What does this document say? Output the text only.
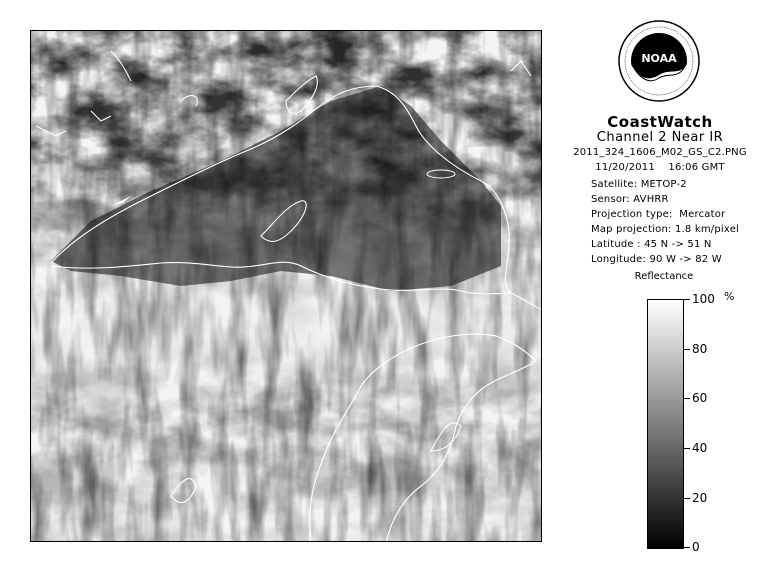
NOAA
CoastWatch
Channel 2 Near IR
2011_324_1606_M02_GS_C2.PNG
11/20/2011    16:06 GMT
Satellite: METOP-2
Sensor: AVHRR
Projection type:  Mercator
Map projection: 1.8 km/pixel
Latitude : 45 N -> 51 N
Longitude: 90 W -> 82 W
Reflectance
%
100
80
60
40
20
0
